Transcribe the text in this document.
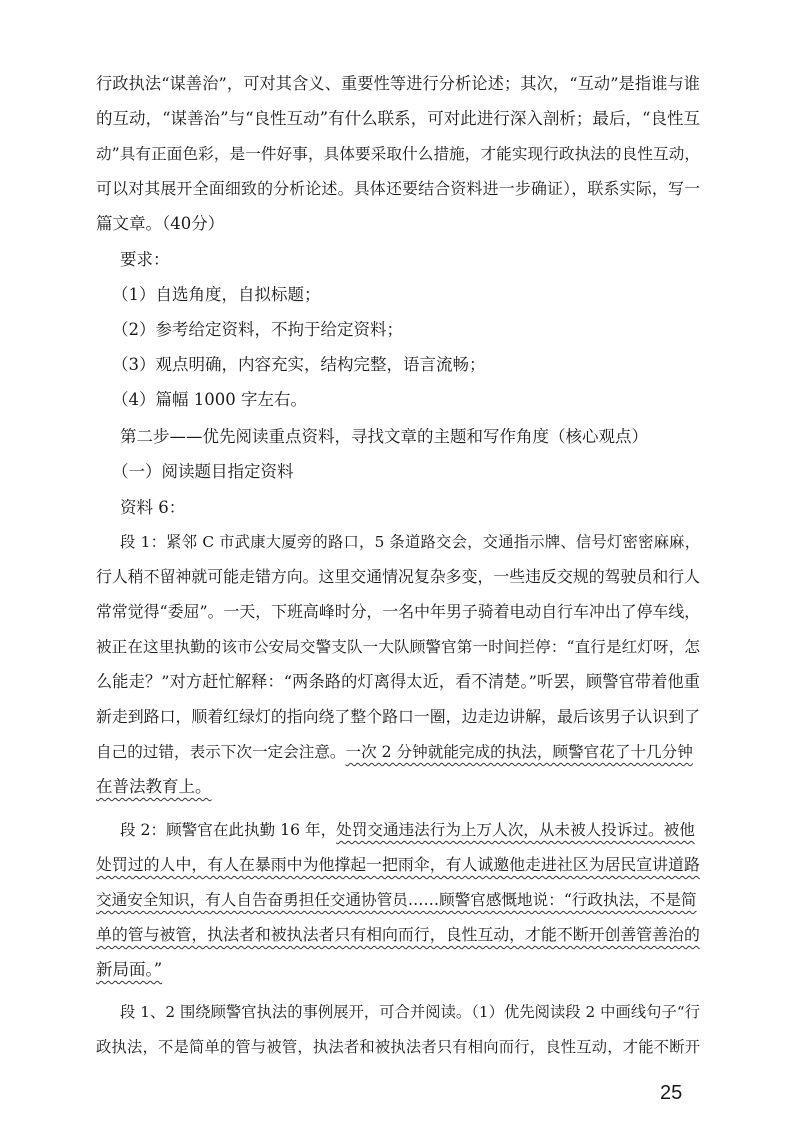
行政执法“谋善治”，可对其含义、重要性等进行分析论述；其次，“互动”是指谁与谁
的互动，“谋善治”与“良性互动”有什么联系，可对此进行深入剖析；最后，“良性互
动”具有正面色彩，是一件好事，具体要采取什么措施，才能实现行政执法的良性互动，
可以对其展开全面细致的分析论述。具体还要结合资料进一步确证），联系实际，写一
篇文章。（40分）
要求：
（1）自选角度，自拟标题；
（2）参考给定资料，不拘于给定资料；
（3）观点明确，内容充实，结构完整，语言流畅；
（4）篇幅 1000 字左右。
第二步——优先阅读重点资料，寻找文章的主题和写作角度（核心观点）
（一）阅读题目指定资料
资料 6：
段 1：紧邻 C 市武康大厦旁的路口，5 条道路交会，交通指示牌、信号灯密密麻麻，
行人稍不留神就可能走错方向。这里交通情况复杂多变，一些违反交规的驾驶员和行人
常常觉得“委屈”。一天，下班高峰时分，一名中年男子骑着电动自行车冲出了停车线，
被正在这里执勤的该市公安局交警支队一大队顾警官第一时间拦停：“直行是红灯呀，怎
么能走？”对方赶忙解释：“两条路的灯离得太近，看不清楚。”听罢，顾警官带着他重
新走到路口，顺着红绿灯的指向绕了整个路口一圈，边走边讲解，最后该男子认识到了
自己的过错，表示下次一定会注意。一次 2 分钟就能完成的执法，顾警官花了十几分钟
在普法教育上。
段 2：顾警官在此执勤 16 年，处罚交通违法行为上万人次，从未被人投诉过。被他
处罚过的人中，有人在暴雨中为他撑起一把雨伞，有人诚邀他走进社区为居民宣讲道路
交通安全知识，有人自告奋勇担任交通协管员……顾警官感慨地说：“行政执法，不是简
单的管与被管，执法者和被执法者只有相向而行，良性互动，才能不断开创善管善治的
新局面。”
段 1、2 围绕顾警官执法的事例展开，可合并阅读。（1）优先阅读段 2 中画线句子“行
政执法，不是简单的管与被管，执法者和被执法者只有相向而行，良性互动，才能不断开
25
